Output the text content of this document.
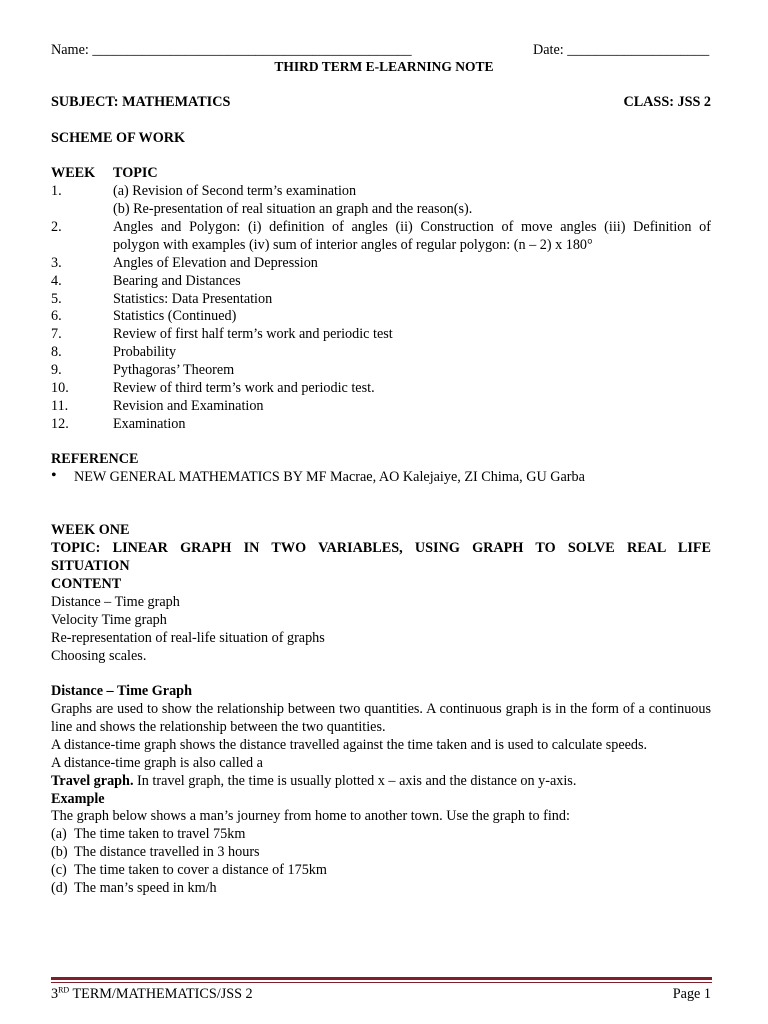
Name: _____________________________________________	Date: ____________________
THIRD TERM E-LEARNING NOTE
SUBJECT: MATHEMATICS	CLASS: JSS 2
SCHEME OF WORK
WEEK TOPIC
1.	(a) Revision of Second term’s examination
(b) Re-presentation of real situation an graph and the reason(s).
2.	Angles and Polygon: (i) definition of angles (ii) Construction of move angles (iii) Definition of
polygon with examples (iv) sum of interior angles of regular polygon: (n – 2) x 180°
3.	Angles of Elevation and Depression
4.	Bearing and Distances
5.	Statistics: Data Presentation
6.	Statistics (Continued)
7.	Review of first half term’s work and periodic test
8.	Probability
9.	Pythagoras’ Theorem
10.	Review of third term’s work and periodic test.
11.	Revision and Examination
12.	Examination
REFERENCE
• NEW GENERAL MATHEMATICS BY MF Macrae, AO Kalejaiye, ZI Chima, GU Garba
WEEK ONE
TOPIC: LINEAR GRAPH IN TWO VARIABLES, USING GRAPH TO SOLVE REAL LIFE
SITUATION
CONTENT
Distance – Time graph
Velocity Time graph
Re-representation of real-life situation of graphs
Choosing scales.
Distance – Time Graph
Graphs are used to show the relationship between two quantities. A continuous graph is in the form of a continuous line and shows the relationship between the two quantities.
A distance-time graph shows the distance travelled against the time taken and is used to calculate speeds.
A distance-time graph is also called a
Travel graph. In travel graph, the time is usually plotted x – axis and the distance on y-axis.
Example
The graph below shows a man’s journey from home to another town. Use the graph to find:
(a) The time taken to travel 75km
(b) The distance travelled in 3 hours
(c) The time taken to cover a distance of 175km
(d) The man’s speed in km/h
3RD TERM/MATHEMATICS/JSS 2	Page 1
